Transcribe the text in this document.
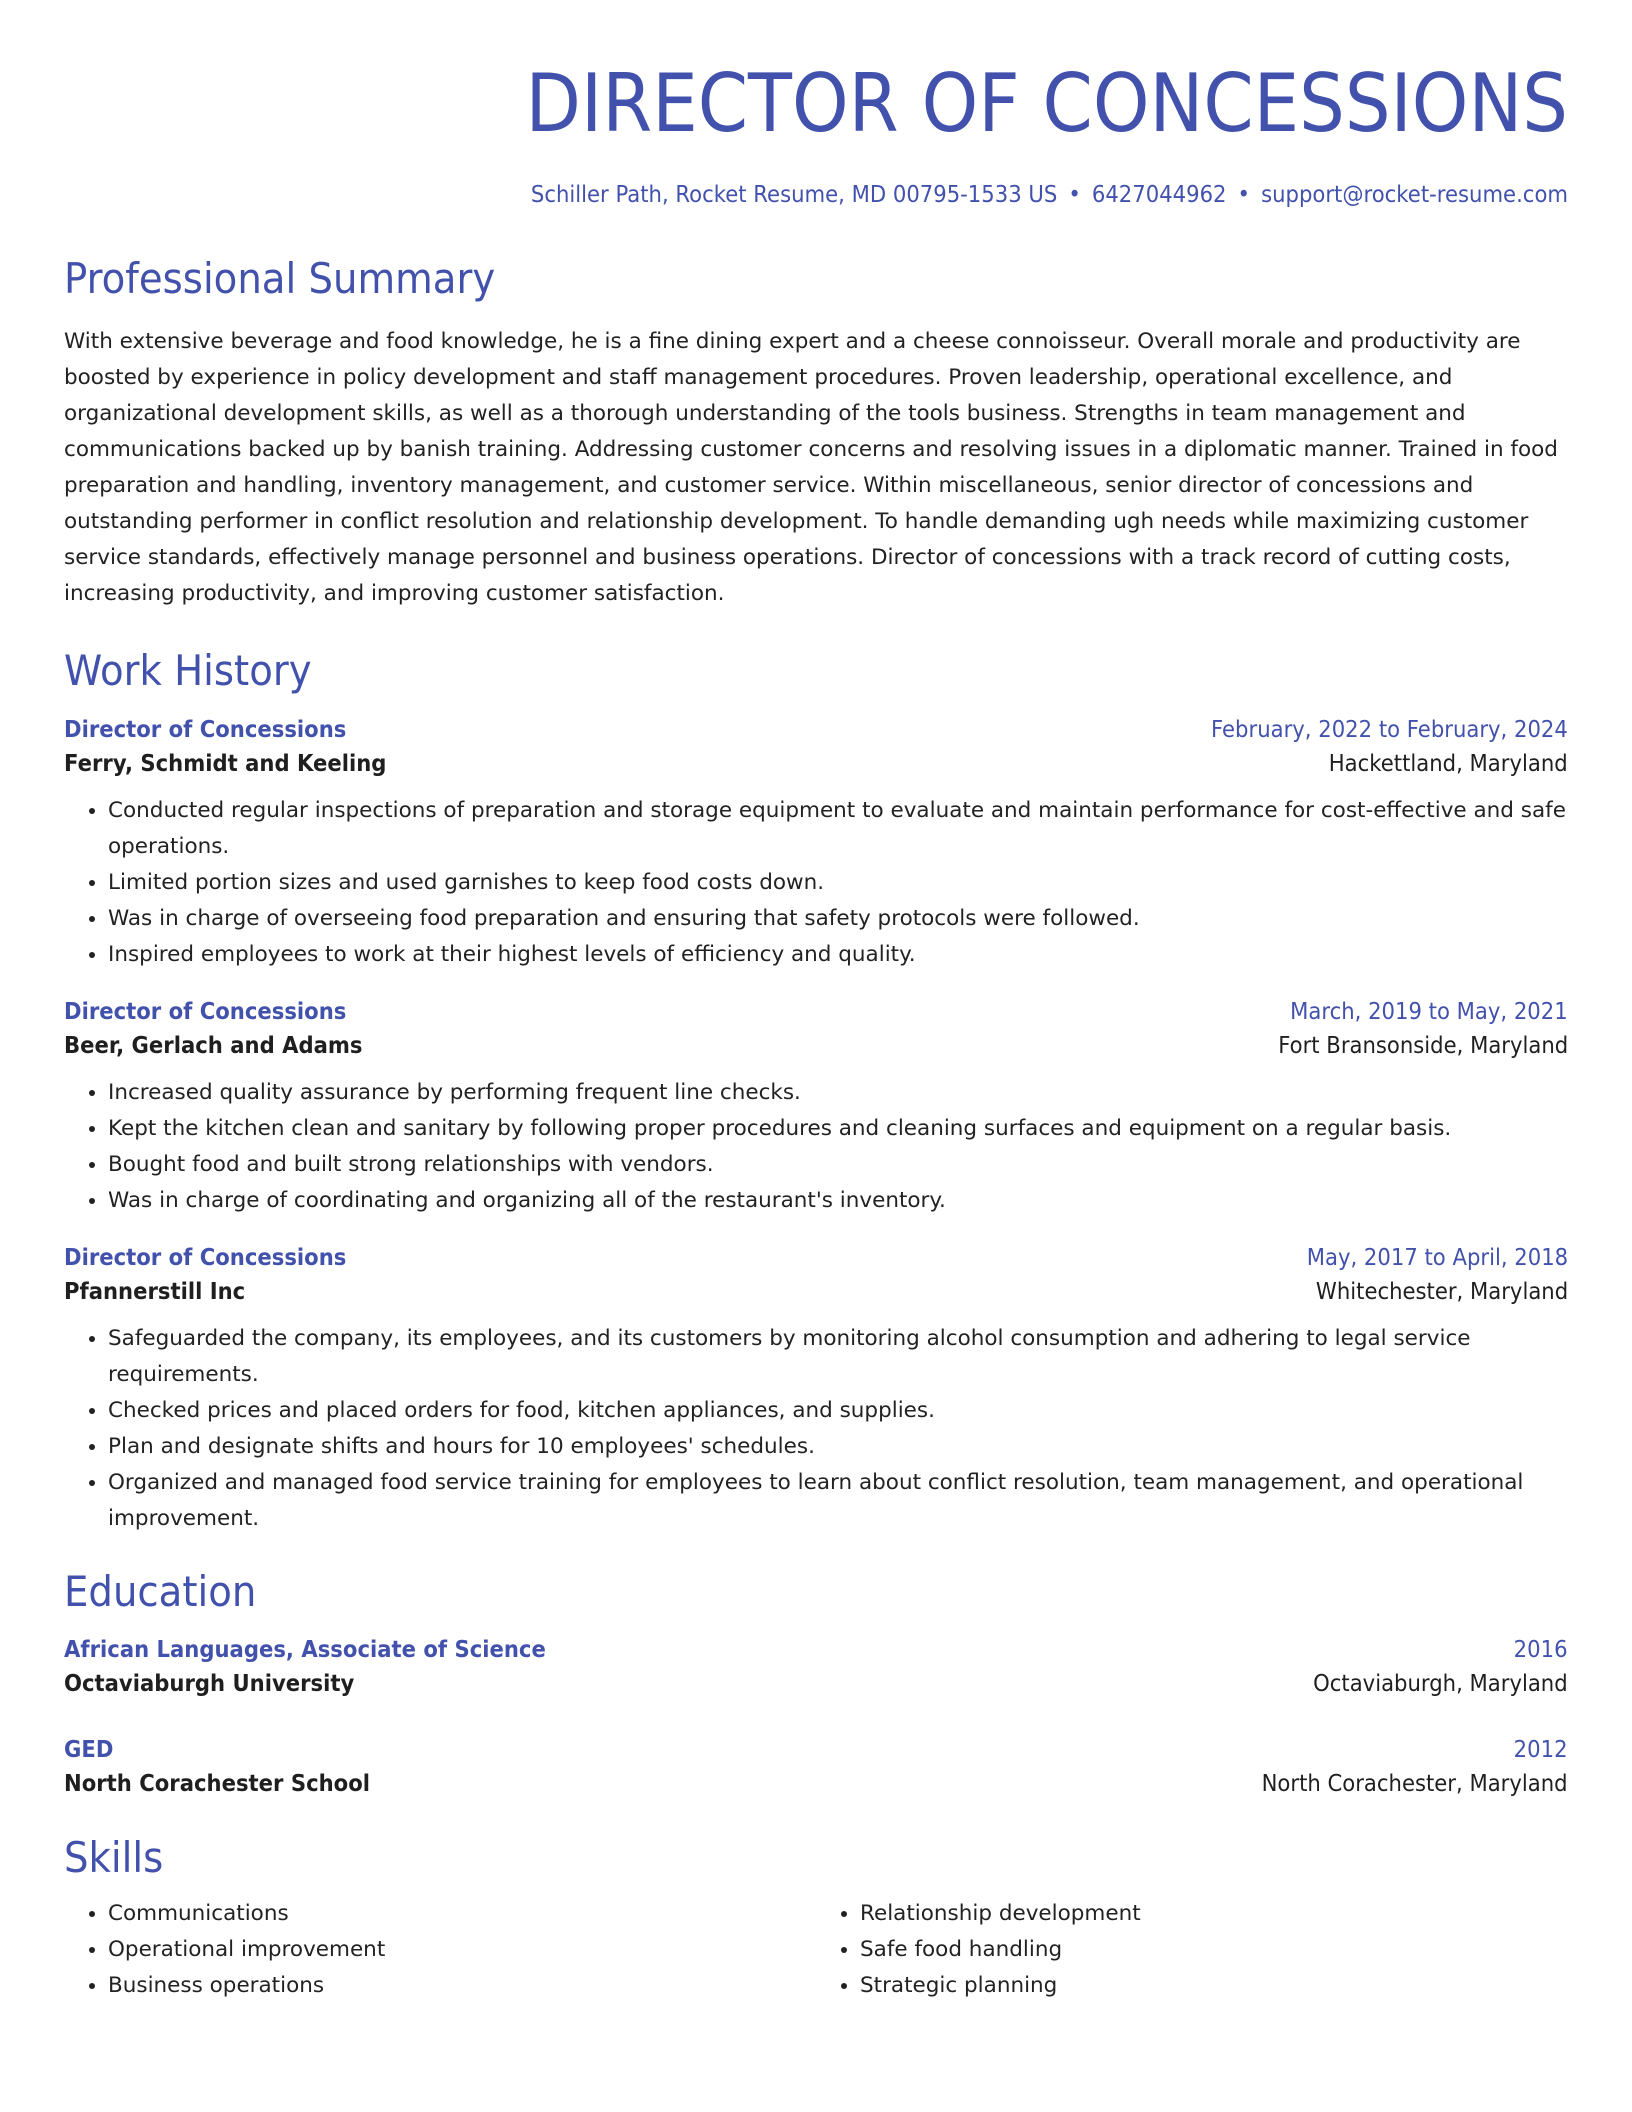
DIRECTOR OF CONCESSIONS
Schiller Path, Rocket Resume, MD 00795-1533 US • 6427044962 • support@rocket-resume.com
Professional Summary

With extensive beverage and food knowledge, he is a fine dining expert and a cheese connoisseur. Overall morale and productivity are boosted by experience in policy development and staff management procedures. Proven leadership, operational excellence, and organizational development skills, as well as a thorough understanding of the tools business. Strengths in team management and communications backed up by banish training. Addressing customer concerns and resolving issues in a diplomatic manner. Trained in food preparation and handling, inventory management, and customer service. Within miscellaneous, senior director of concessions and outstanding performer in conflict resolution and relationship development. To handle demanding ugh needs while maximizing customer service standards, effectively manage personnel and business operations. Director of concessions with a track record of cutting costs, increasing productivity, and improving customer satisfaction.

Work History
Director of Concessions	February, 2022 to February, 2024
Ferry, Schmidt and Keeling	Hackettland, Maryland
• Conducted regular inspections of preparation and storage equipment to evaluate and maintain performance for cost-effective and safe operations.
• Limited portion sizes and used garnishes to keep food costs down.
• Was in charge of overseeing food preparation and ensuring that safety protocols were followed.
• Inspired employees to work at their highest levels of efficiency and quality.
Director of Concessions	March, 2019 to May, 2021
Beer, Gerlach and Adams	Fort Bransonside, Maryland
• Increased quality assurance by performing frequent line checks.
• Kept the kitchen clean and sanitary by following proper procedures and cleaning surfaces and equipment on a regular basis.
• Bought food and built strong relationships with vendors.
• Was in charge of coordinating and organizing all of the restaurant's inventory.
Director of Concessions	May, 2017 to April, 2018
Pfannerstill Inc	Whitechester, Maryland
• Safeguarded the company, its employees, and its customers by monitoring alcohol consumption and adhering to legal service requirements.
• Checked prices and placed orders for food, kitchen appliances, and supplies.
• Plan and designate shifts and hours for 10 employees' schedules.
• Organized and managed food service training for employees to learn about conflict resolution, team management, and operational improvement.
Education
African Languages, Associate of Science	2016
Octaviaburgh University	Octaviaburgh, Maryland
GED	2012
North Corachester School	North Corachester, Maryland
Skills
• Communications
• Operational improvement
• Business operations
• Relationship development
• Safe food handling
• Strategic planning
